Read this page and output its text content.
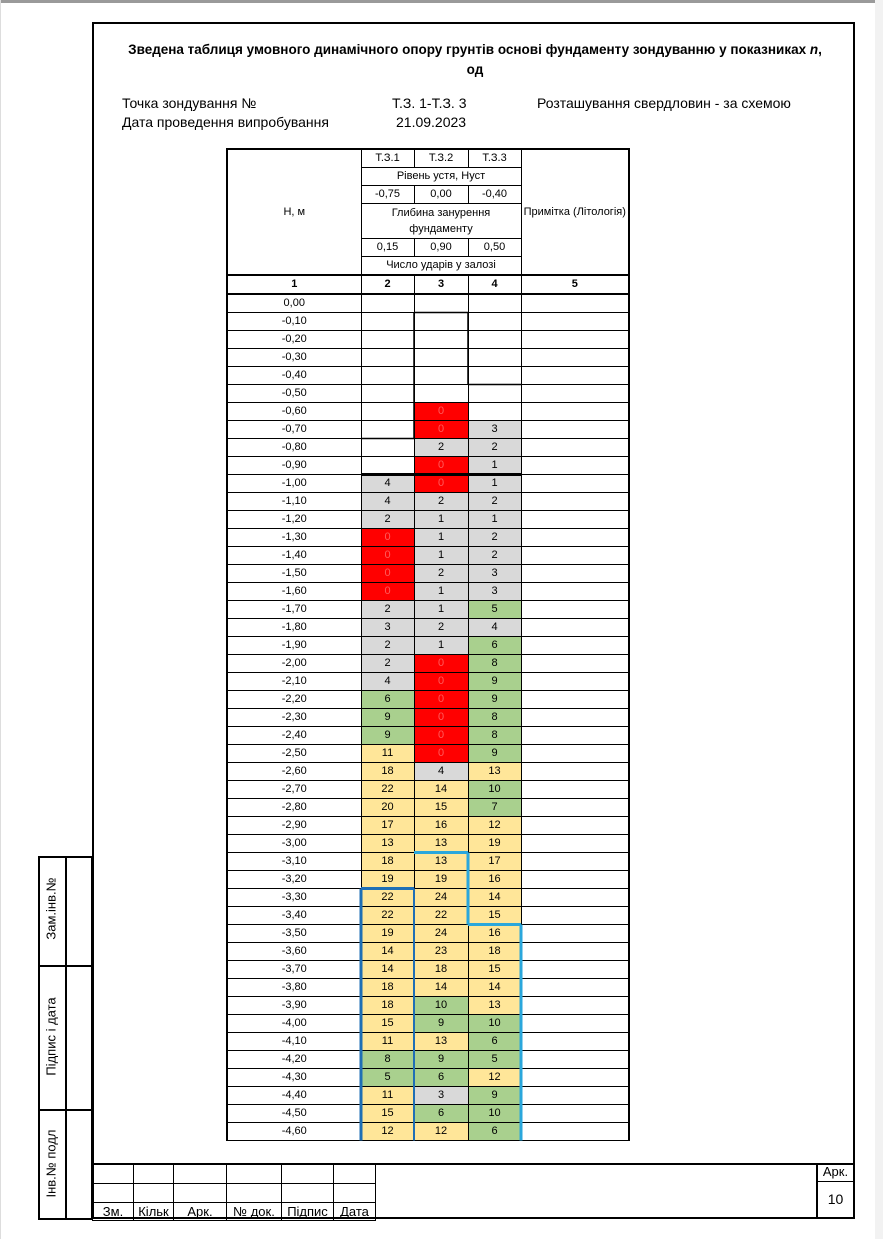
Зведена таблиця умовного динамічного опору грунтів основі фундаменту зондуванню у показниках n,
од
Точка зондування №	Т.З. 1-Т.З. 3	Розташування свердловин - за схемою
Дата проведення випробування	21.09.2023
Н, м	Т.З.1	Т.З.2	Т.З.3	Примітка (Літологія)
	Рівень устя, Нуст			
	-0,75	0,00	-0,40	
	Глибина занурення фундаменту			

	0,15	0,90	0,50	
	Число ударів у залозі			
1	2	3	4	5
0,00				
-0,10				
-0,20				
-0,30				
-0,40				
-0,50				
-0,60		0		
-0,70		0	3	
-0,80		2	2	
-0,90		0	1	
-1,00	4	0	1	
-1,10	4	2	2	
-1,20	2	1	1	
-1,30	0	1	2	
-1,40	0	1	2	
-1,50	0	2	3	
-1,60	0	1	3	
-1,70	2	1	5	
-1,80	3	2	4	
-1,90	2	1	6	
-2,00	2	0	8	
-2,10	4	0	9	
-2,20	6	0	9	
-2,30	9	0	8	
-2,40	9	0	8	
-2,50	11	0	9	
-2,60	18	4	13	
-2,70	22	14	10	
-2,80	20	15	7	
-2,90	17	16	12	
-3,00	13	13	19	
-3,10	18	13	17	
-3,20	19	19	16	
-3,30	22	24	14	
-3,40	22	22	15	
-3,50	19	24	16	
-3,60	14	23	18	
-3,70	14	18	15	
-3,80	18	14	14	
-3,90	18	10	13	
-4,00	15	9	10	
-4,10	11	13	6	
-4,20	8	9	5	
-4,30	5	6	12	
-4,40	11	3	9	
-4,50	15	6	10	
-4,60	12	12	6	
Зам.інв.№
Підпис і дата
Інв.№ подл

Зм.	Кільк	Арк.	№ док.	Підпис	Дата
Арк.
10
